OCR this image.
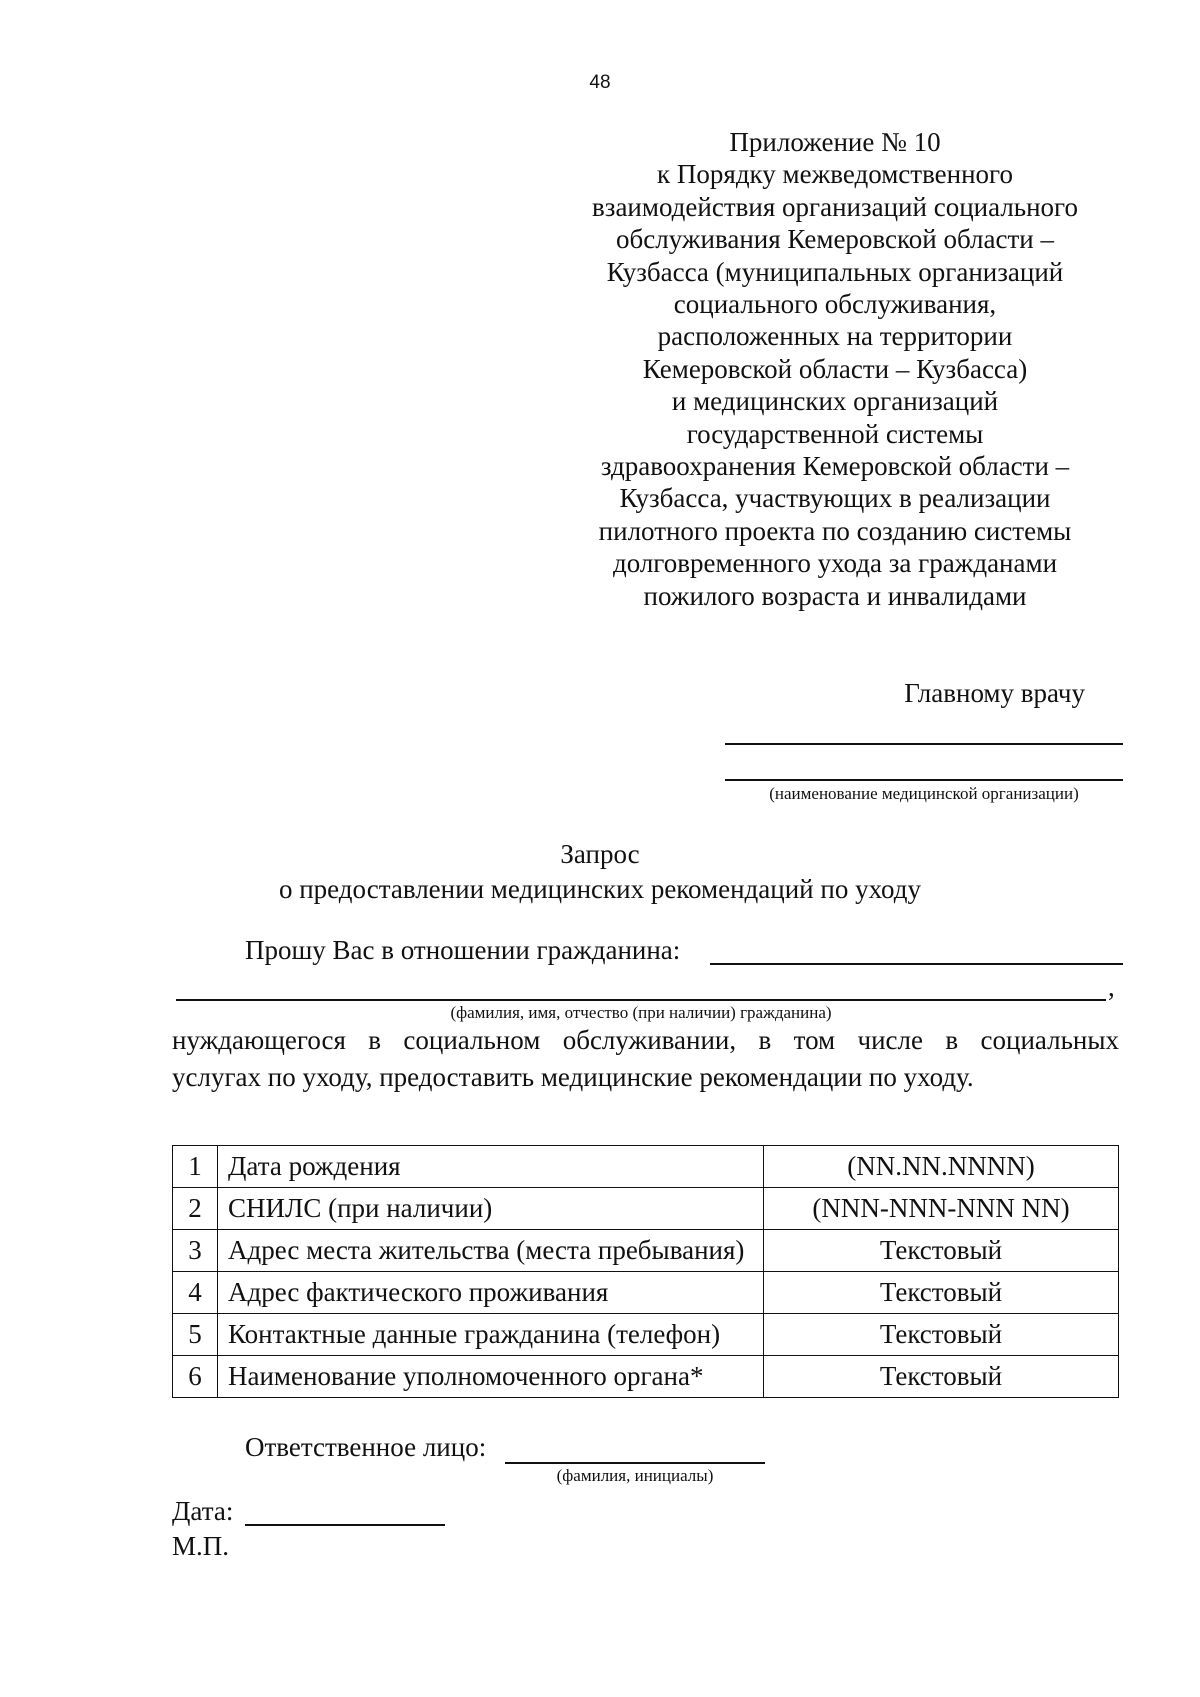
48
Приложение № 10
к Порядку межведомственного
взаимодействия организаций социального
обслуживания Кемеровской области –
Кузбасса (муниципальных организаций
социального обслуживания,
расположенных на территории
Кемеровской области – Кузбасса)
и медицинских организаций
государственной системы
здравоохранения Кемеровской области –
Кузбасса, участвующих в реализации
пилотного проекта по созданию системы
долговременного ухода за гражданами
пожилого возраста и инвалидами
Главному врачу
(наименование медицинской организации)
Запрос
о предоставлении медицинских рекомендаций по уходу
Прошу Вас в отношении гражданина:
,
(фамилия, имя, отчество (при наличии) гражданина)
нуждающегося в социальном обслуживании, в том числе в социальных
услугах по уходу, предоставить медицинские рекомендации по уходу.
1	Дата рождения	(NN.NN.NNNN)
2	СНИЛС (при наличии)	(NNN-NNN-NNN NN)
3	Адрес места жительства (места пребывания)	Текстовый
4	Адрес фактического проживания	Текстовый
5	Контактные данные гражданина (телефон)	Текстовый
6	Наименование уполномоченного органа*	Текстовый
Ответственное лицо:
(фамилия, инициалы)
Дата:
М.П.
